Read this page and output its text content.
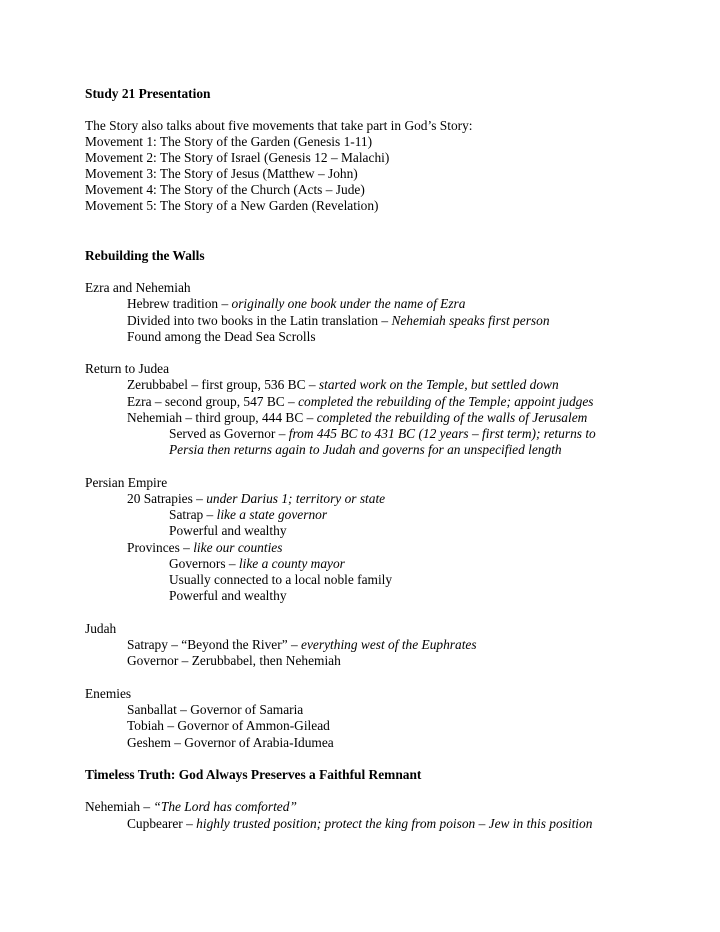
Study 21 Presentation
The Story also talks about five movements that take part in God’s Story:
Movement 1: The Story of the Garden (Genesis 1-11)
Movement 2: The Story of Israel (Genesis 12 – Malachi)
Movement 3: The Story of Jesus (Matthew – John)
Movement 4: The Story of the Church (Acts – Jude)
Movement 5: The Story of a New Garden (Revelation)
Rebuilding the Walls
Ezra and Nehemiah
Hebrew tradition – originally one book under the name of Ezra
Divided into two books in the Latin translation – Nehemiah speaks first person
Found among the Dead Sea Scrolls
Return to Judea
Zerubbabel – first group, 536 BC – started work on the Temple, but settled down
Ezra – second group, 547 BC – completed the rebuilding of the Temple; appoint judges
Nehemiah – third group, 444 BC – completed the rebuilding of the walls of Jerusalem
Served as Governor – from 445 BC to 431 BC (12 years – first term); returns to
Persia then returns again to Judah and governs for an unspecified length
Persian Empire
20 Satrapies – under Darius 1; territory or state
Satrap – like a state governor
Powerful and wealthy
Provinces – like our counties
Governors – like a county mayor
Usually connected to a local noble family
Powerful and wealthy
Judah
Satrapy – “Beyond the River” – everything west of the Euphrates
Governor – Zerubbabel, then Nehemiah
Enemies
Sanballat – Governor of Samaria
Tobiah – Governor of Ammon-Gilead
Geshem – Governor of Arabia-Idumea
Timeless Truth: God Always Preserves a Faithful Remnant
Nehemiah – “The Lord has comforted”
Cupbearer – highly trusted position; protect the king from poison – Jew in this position
